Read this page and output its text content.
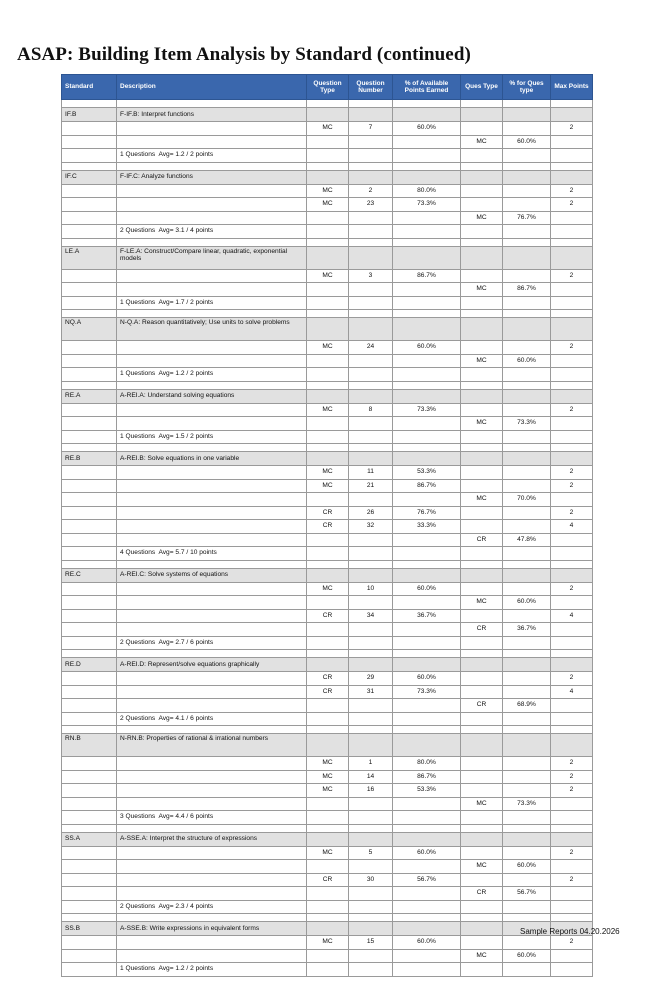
ASAP: Building Item Analysis by Standard (continued)
Standard	Description	Question Type	Question Number	% of Available Points Earned	Ques Type	% for Ques type	Max Points

IF.B	F-IF.B: Interpret functions						
		MC	7	60.0%			2
					MC	60.0%	
	1 Questions  Avg= 1.2 / 2 points						

IF.C	F-IF.C: Analyze functions						
		MC	2	80.0%			2
		MC	23	73.3%			2
					MC	76.7%	
	2 Questions  Avg= 3.1 / 4 points						

LE.A	F-LE.A: Construct/Compare linear, quadratic, exponential models						
		MC	3	86.7%			2
					MC	86.7%	
	1 Questions  Avg= 1.7 / 2 points						

NQ.A	N-Q.A: Reason quantitatively; Use units to solve problems						
		MC	24	60.0%			2
					MC	60.0%	
	1 Questions  Avg= 1.2 / 2 points						

RE.A	A-REI.A: Understand solving equations						
		MC	8	73.3%			2
					MC	73.3%	
	1 Questions  Avg= 1.5 / 2 points						

RE.B	A-REI.B: Solve equations in one variable						
		MC	11	53.3%			2
		MC	21	86.7%			2
					MC	70.0%	
		CR	26	76.7%			2
		CR	32	33.3%			4
					CR	47.8%	
	4 Questions  Avg= 5.7 / 10 points						

RE.C	A-REI.C: Solve systems of equations						
		MC	10	60.0%			2
					MC	60.0%	
		CR	34	36.7%			4
					CR	36.7%	
	2 Questions  Avg= 2.7 / 6 points						

RE.D	A-REI.D: Represent/solve equations graphically						
		CR	29	60.0%			2
		CR	31	73.3%			4
					CR	68.9%	
	2 Questions  Avg= 4.1 / 6 points						

RN.B	N-RN.B: Properties of rational & irrational numbers						
		MC	1	80.0%			2
		MC	14	86.7%			2
		MC	16	53.3%			2
					MC	73.3%	
	3 Questions  Avg= 4.4 / 6 points						

SS.A	A-SSE.A: Interpret the structure of expressions						
		MC	5	60.0%			2
					MC	60.0%	
		CR	30	56.7%			2
					CR	56.7%	
	2 Questions  Avg= 2.3 / 4 points						

SS.B	A-SSE.B: Write expressions in equivalent forms						
		MC	15	60.0%			2
					MC	60.0%	
	1 Questions  Avg= 1.2 / 2 points						
Sample Reports 04.20.2026
